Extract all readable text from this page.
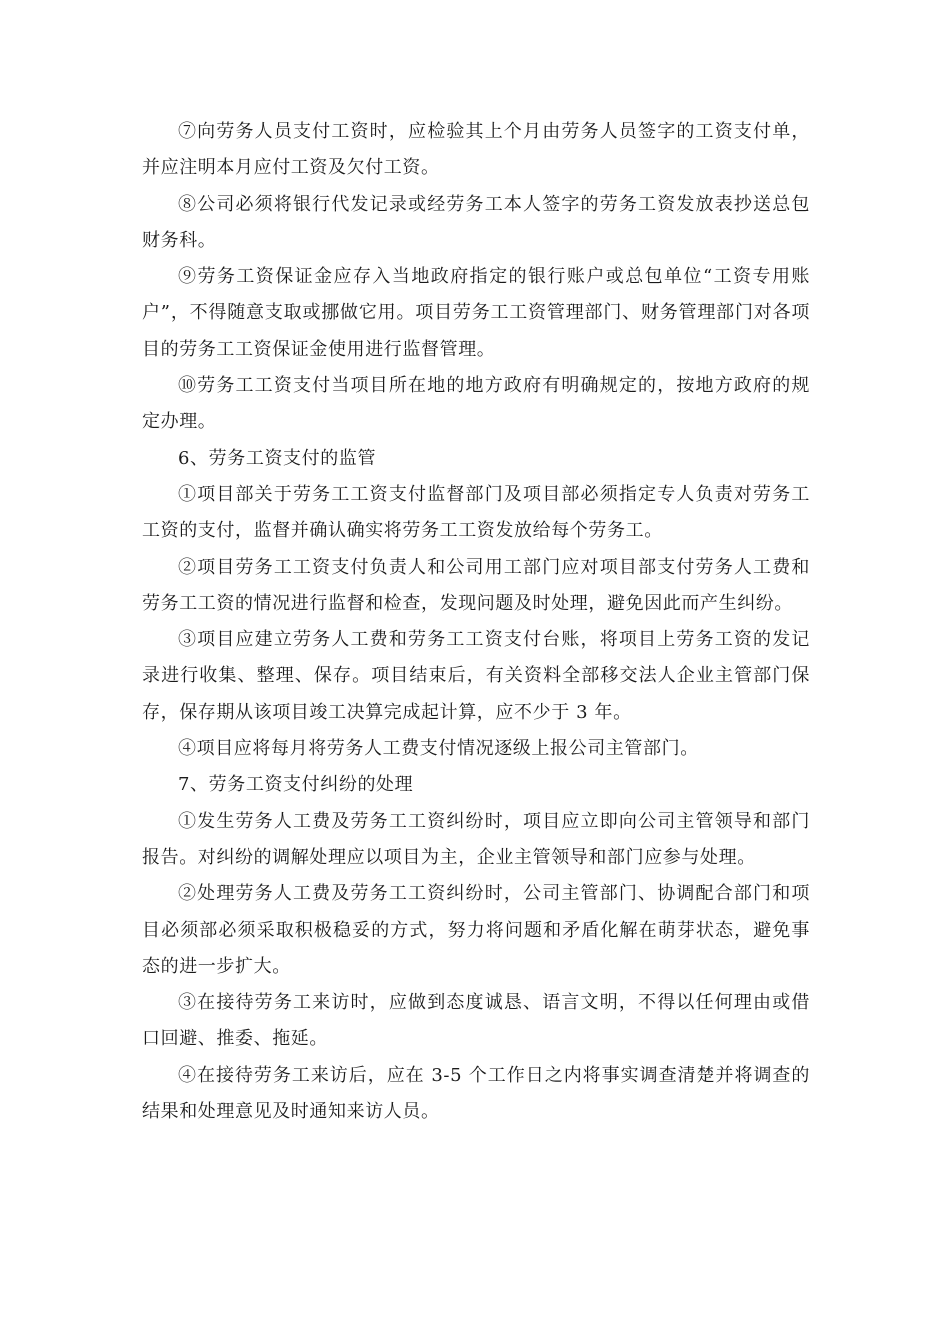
⑦向劳务人员支付工资时，应检验其上个月由劳务人员签字的工资支付单，并应注明本月应付工资及欠付工资。

⑧公司必须将银行代发记录或经劳务工本人签字的劳务工资发放表抄送总包财务科。

⑨劳务工资保证金应存入当地政府指定的银行账户或总包单位“工资专用账户”，不得随意支取或挪做它用。项目劳务工工资管理部门、财务管理部门对各项目的劳务工工资保证金使用进行监督管理。

⑩劳务工工资支付当项目所在地的地方政府有明确规定的，按地方政府的规定办理。

6、劳务工资支付的监管

①项目部关于劳务工工资支付监督部门及项目部必须指定专人负责对劳务工工资的支付，监督并确认确实将劳务工工资发放给每个劳务工。

②项目劳务工工资支付负责人和公司用工部门应对项目部支付劳务人工费和劳务工工资的情况进行监督和检查，发现问题及时处理，避免因此而产生纠纷。

③项目应建立劳务人工费和劳务工工资支付台账，将项目上劳务工资的发记录进行收集、整理、保存。项目结束后，有关资料全部移交法人企业主管部门保存，保存期从该项目竣工决算完成起计算，应不少于 3 年。

④项目应将每月将劳务人工费支付情况逐级上报公司主管部门。

7、劳务工资支付纠纷的处理

①发生劳务人工费及劳务工工资纠纷时，项目应立即向公司主管领导和部门报告。对纠纷的调解处理应以项目为主，企业主管领导和部门应参与处理。

②处理劳务人工费及劳务工工资纠纷时，公司主管部门、协调配合部门和项目必须部必须采取积极稳妥的方式，努力将问题和矛盾化解在萌芽状态，避免事态的进一步扩大。

③在接待劳务工来访时，应做到态度诚恳、语言文明，不得以任何理由或借口回避、推委、拖延。

④在接待劳务工来访后，应在 3-5 个工作日之内将事实调查清楚并将调查的结果和处理意见及时通知来访人员。
